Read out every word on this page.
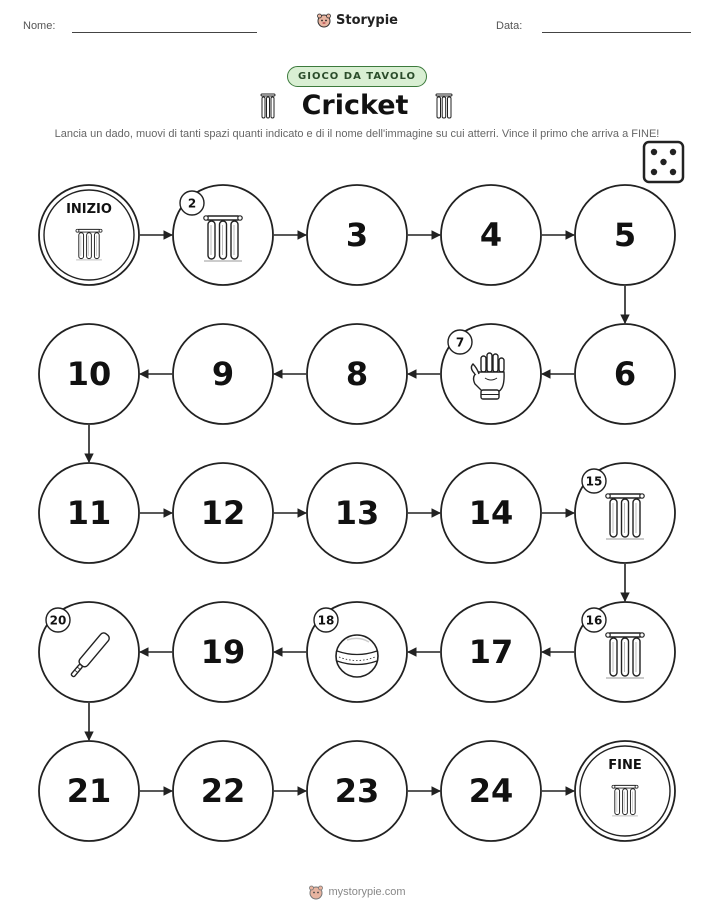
Nome:	Storypie	Data:
GIOCO DA TAVOLO
Cricket
Lancia un dado, muovi di tanti spazi quanti indicato e di il nome dell'immagine su cui atterri. Vince il primo che arriva a FINE!
INIZIO	2
3	4	5
6
7
8
9
10
11	12	13	14
15
16
17
18
19
20
21	22	23	24
FINE
mystorypie.com
